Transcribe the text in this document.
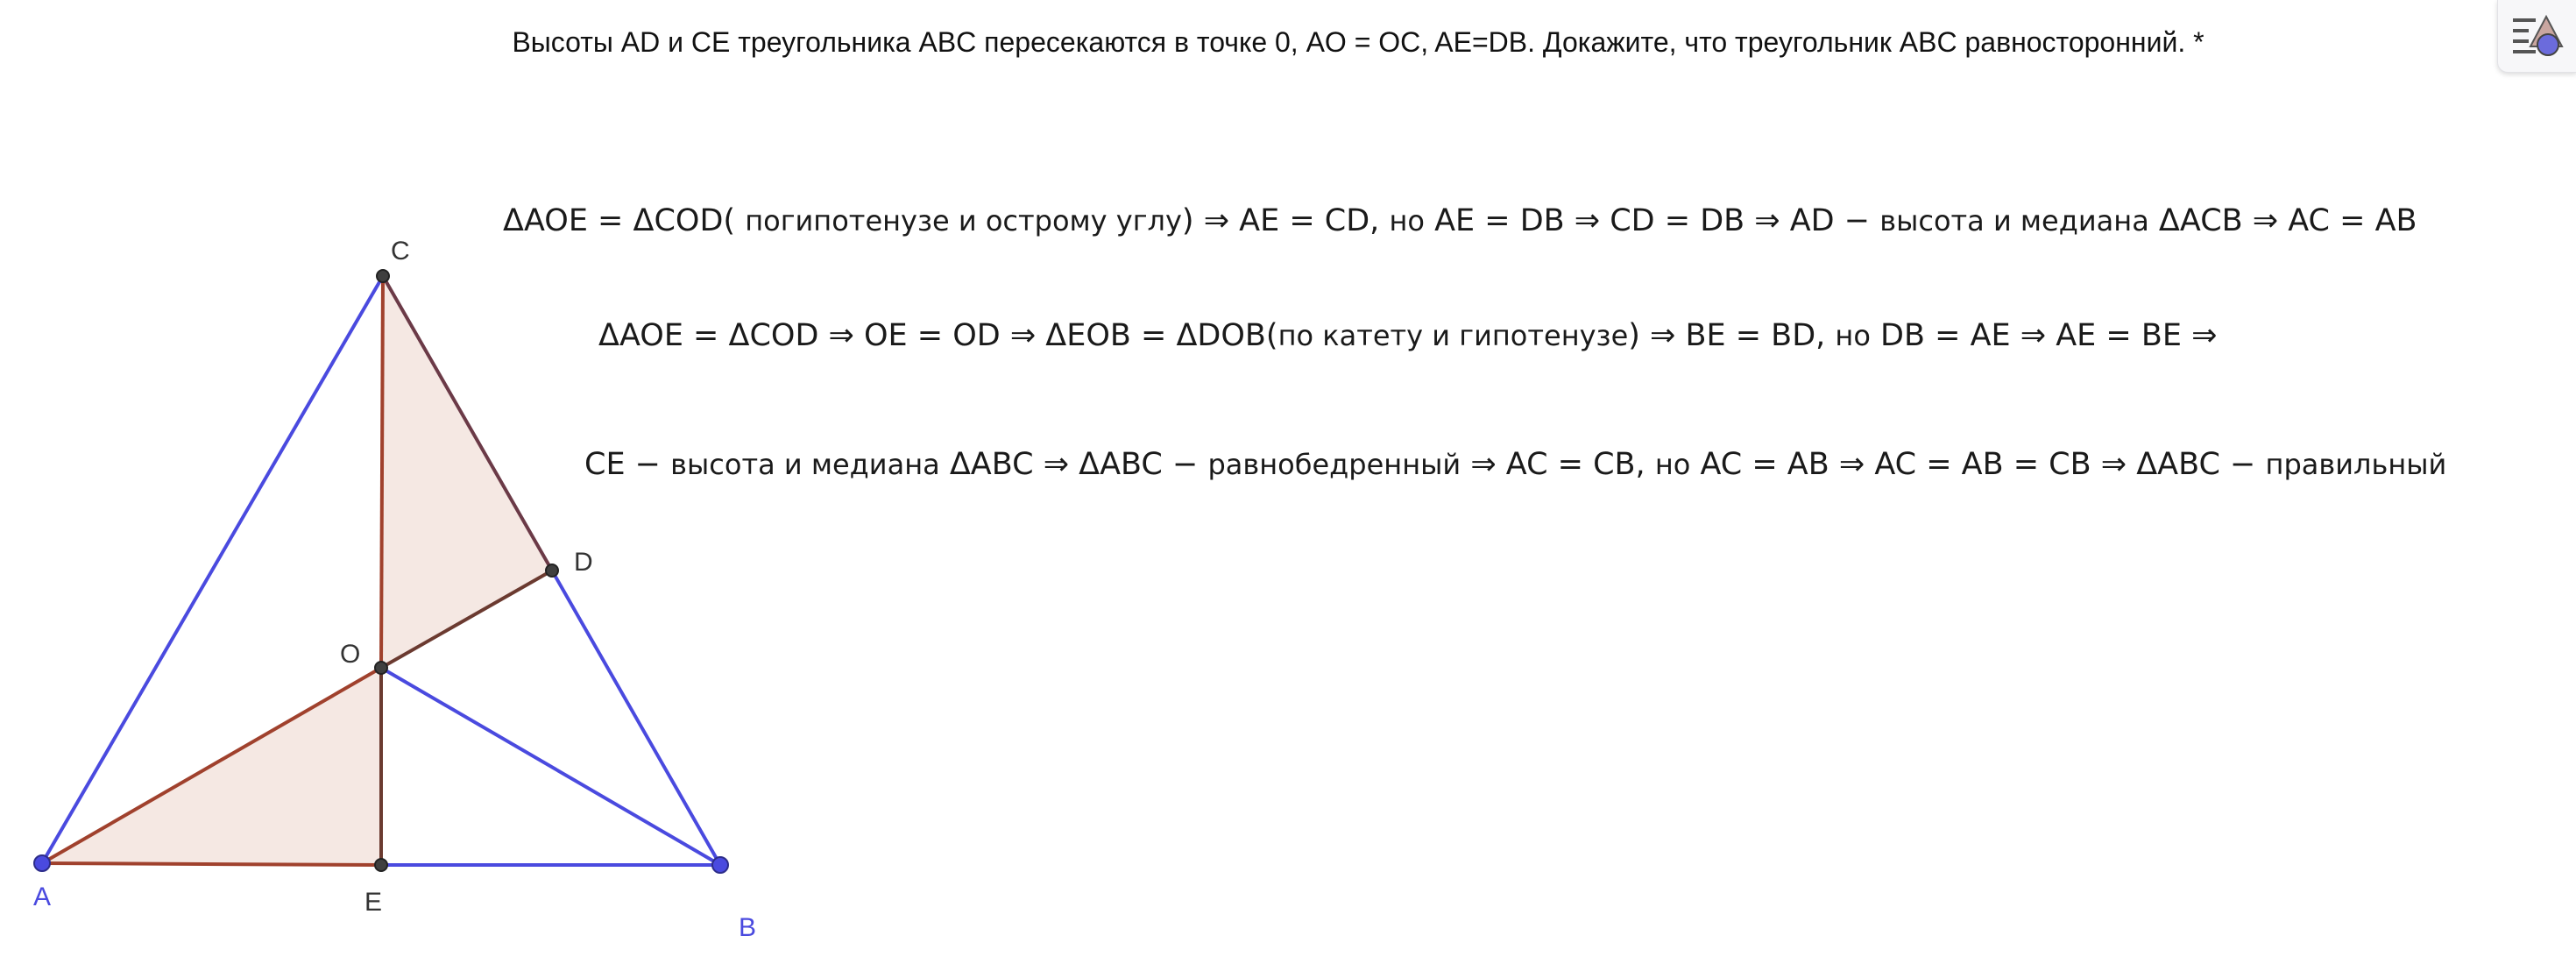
Высоты AD и CE треугольника ABC пересекаются в точке 0, AO = OC, AE=DB. Докажите, что треугольник ABC равносторонний. *
C
D
O
A	E
B
ΔAOE = ΔCOD( погипотенузе и острому углу) ⇒ AE = CD, но AE = DB ⇒ CD = DB ⇒ AD − высота и медиана ΔACB ⇒ AC = AB
ΔAOE = ΔCOD ⇒ OE = OD ⇒ ΔEOB = ΔDOB(по катету и гипотенузе) ⇒ BE = BD, но DB = AE ⇒ AE = BE ⇒
CE − высота и медиана ΔABC ⇒ ΔABC − равнобедренный ⇒ AC = CB, но AC = AB ⇒ AC = AB = CB ⇒ ΔABC − правильный
